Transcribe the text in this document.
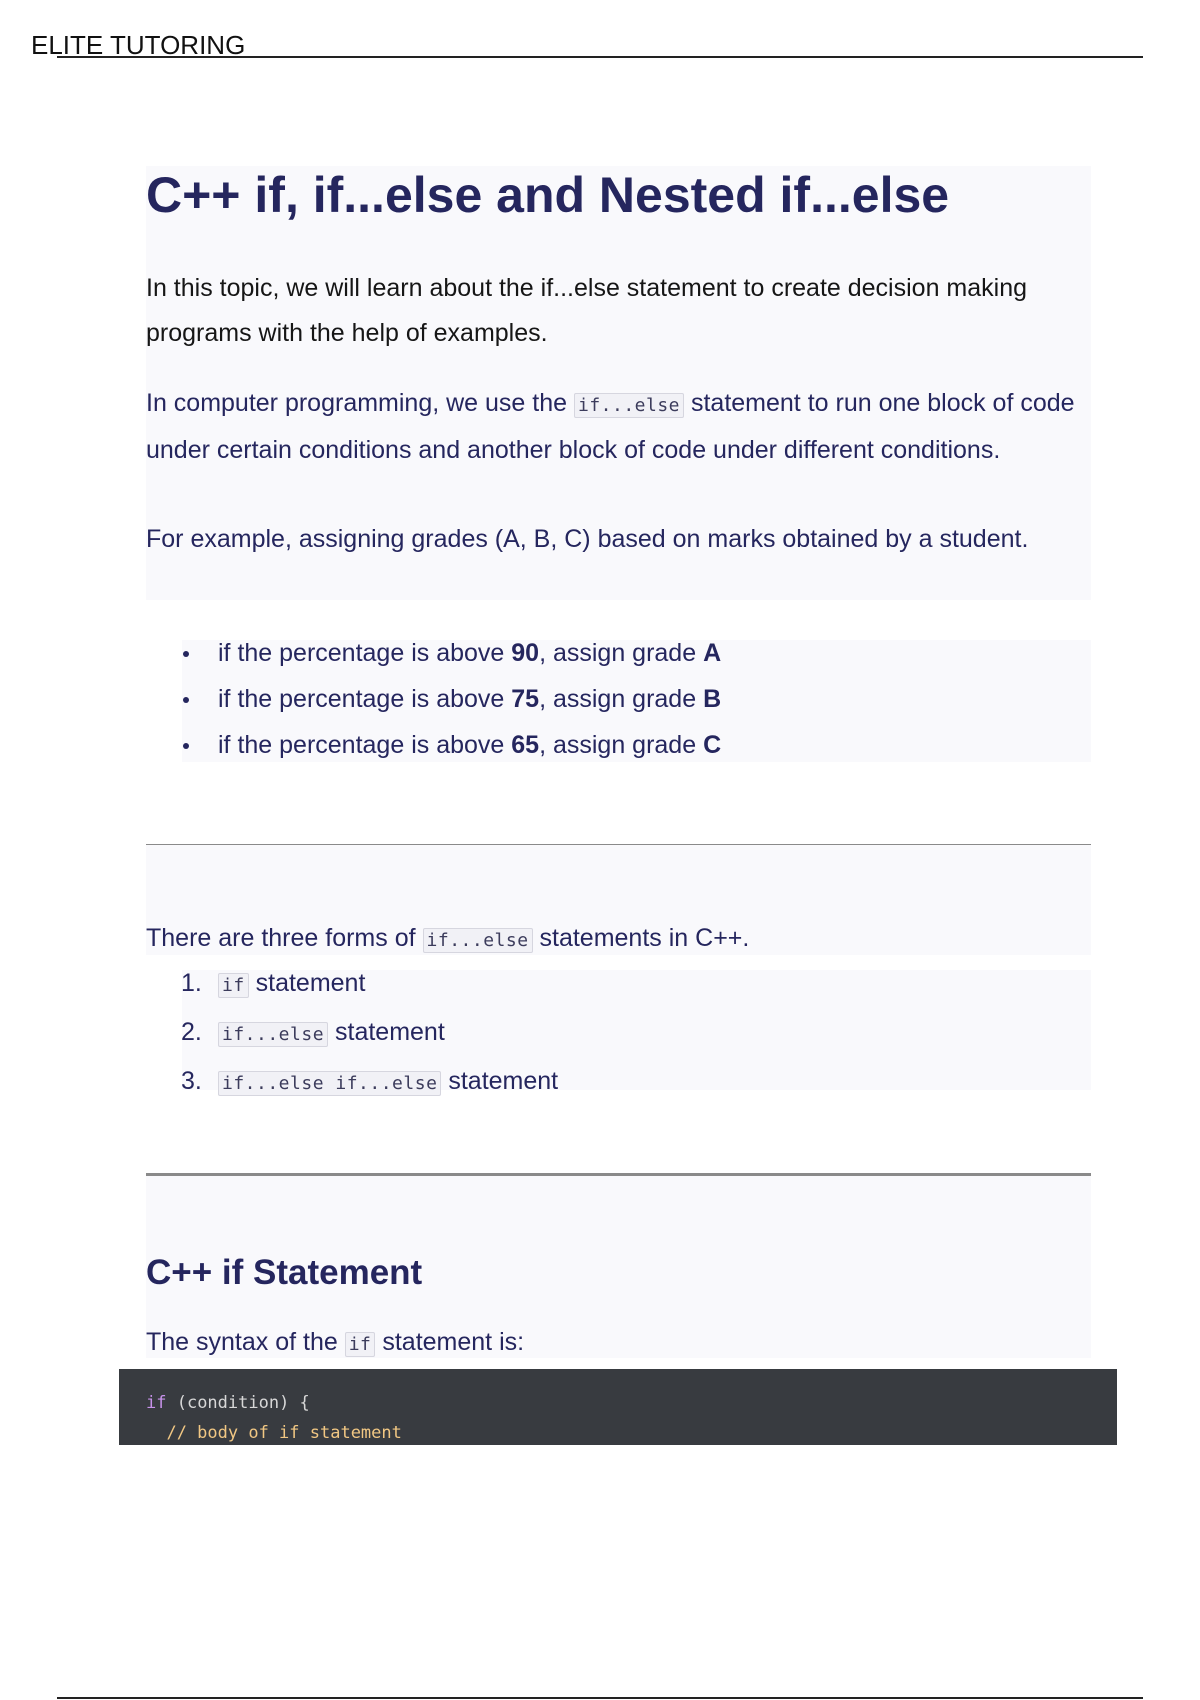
ELITE TUTORING
C++ if, if...else and Nested if...else

In this topic, we will learn about the if...else statement to create decision making programs with the help of examples.

In computer programming, we use the if...else statement to run one block of code under certain conditions and another block of code under different conditions.

For example, assigning grades (A, B, C) based on marks obtained by a student.

if the percentage is above 90, assign grade A
if the percentage is above 75, assign grade B
if the percentage is above 65, assign grade C

There are three forms of if...else statements in C++.

1. if statement
2. if...else statement
3. if...else if...else statement
C++ if Statement

The syntax of the if statement is:

if (condition) {
// body of if statement
